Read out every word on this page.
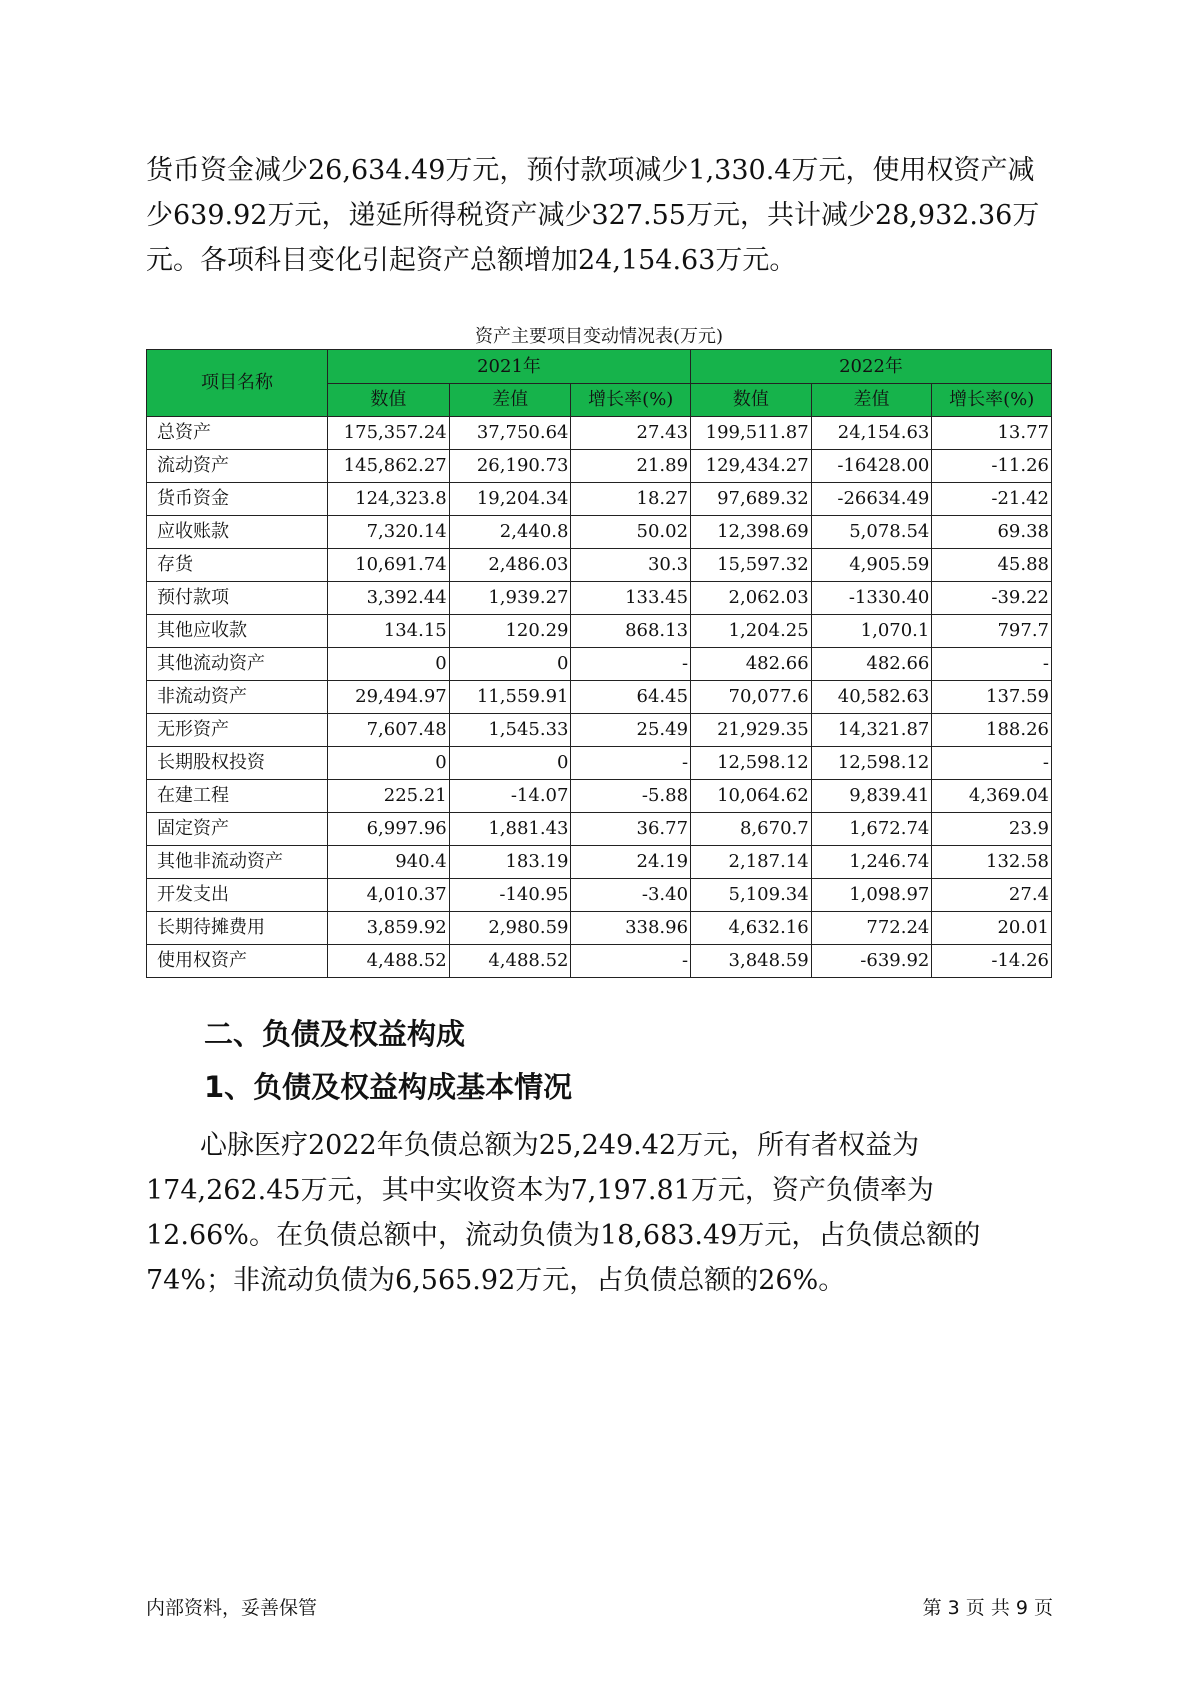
货币资金减少26,634.49万元，预付款项减少1,330.4万元，使用权资产减少639.92万元，递延所得税资产减少327.55万元，共计减少28,932.36万元。各项科目变化引起资产总额增加24,154.63万元。

资产主要项目变动情况表(万元)

项目名称	2021年			2022年		
	数值	差值	增长率(%)	数值	差值	增长率(%)
总资产	175,357.24	37,750.64	27.43	199,511.87	24,154.63	13.77
流动资产	145,862.27	26,190.73	21.89	129,434.27	-16428.00	-11.26
货币资金	124,323.8	19,204.34	18.27	97,689.32	-26634.49	-21.42
应收账款	7,320.14	2,440.8	50.02	12,398.69	5,078.54	69.38
存货	10,691.74	2,486.03	30.3	15,597.32	4,905.59	45.88
预付款项	3,392.44	1,939.27	133.45	2,062.03	-1330.40	-39.22
其他应收款	134.15	120.29	868.13	1,204.25	1,070.1	797.7
其他流动资产	0	0	-	482.66	482.66	-
非流动资产	29,494.97	11,559.91	64.45	70,077.6	40,582.63	137.59
无形资产	7,607.48	1,545.33	25.49	21,929.35	14,321.87	188.26
长期股权投资	0	0	-	12,598.12	12,598.12	-
在建工程	225.21	-14.07	-5.88	10,064.62	9,839.41	4,369.04
固定资产	6,997.96	1,881.43	36.77	8,670.7	1,672.74	23.9
其他非流动资产	940.4	183.19	24.19	2,187.14	1,246.74	132.58
开发支出	4,010.37	-140.95	-3.40	5,109.34	1,098.97	27.4
长期待摊费用	3,859.92	2,980.59	338.96	4,632.16	772.24	20.01
使用权资产	4,488.52	4,488.52	-	3,848.59	-639.92	-14.26
二、负债及权益构成
1、负债及权益构成基本情况

心脉医疗2022年负债总额为25,249.42万元，所有者权益为174,262.45万元，其中实收资本为7,197.81万元，资产负债率为12.66%。在负债总额中，流动负债为18,683.49万元，占负债总额的74%；非流动负债为6,565.92万元，占负债总额的26%。

内部资料，妥善保管	第 3 页 共 9 页
